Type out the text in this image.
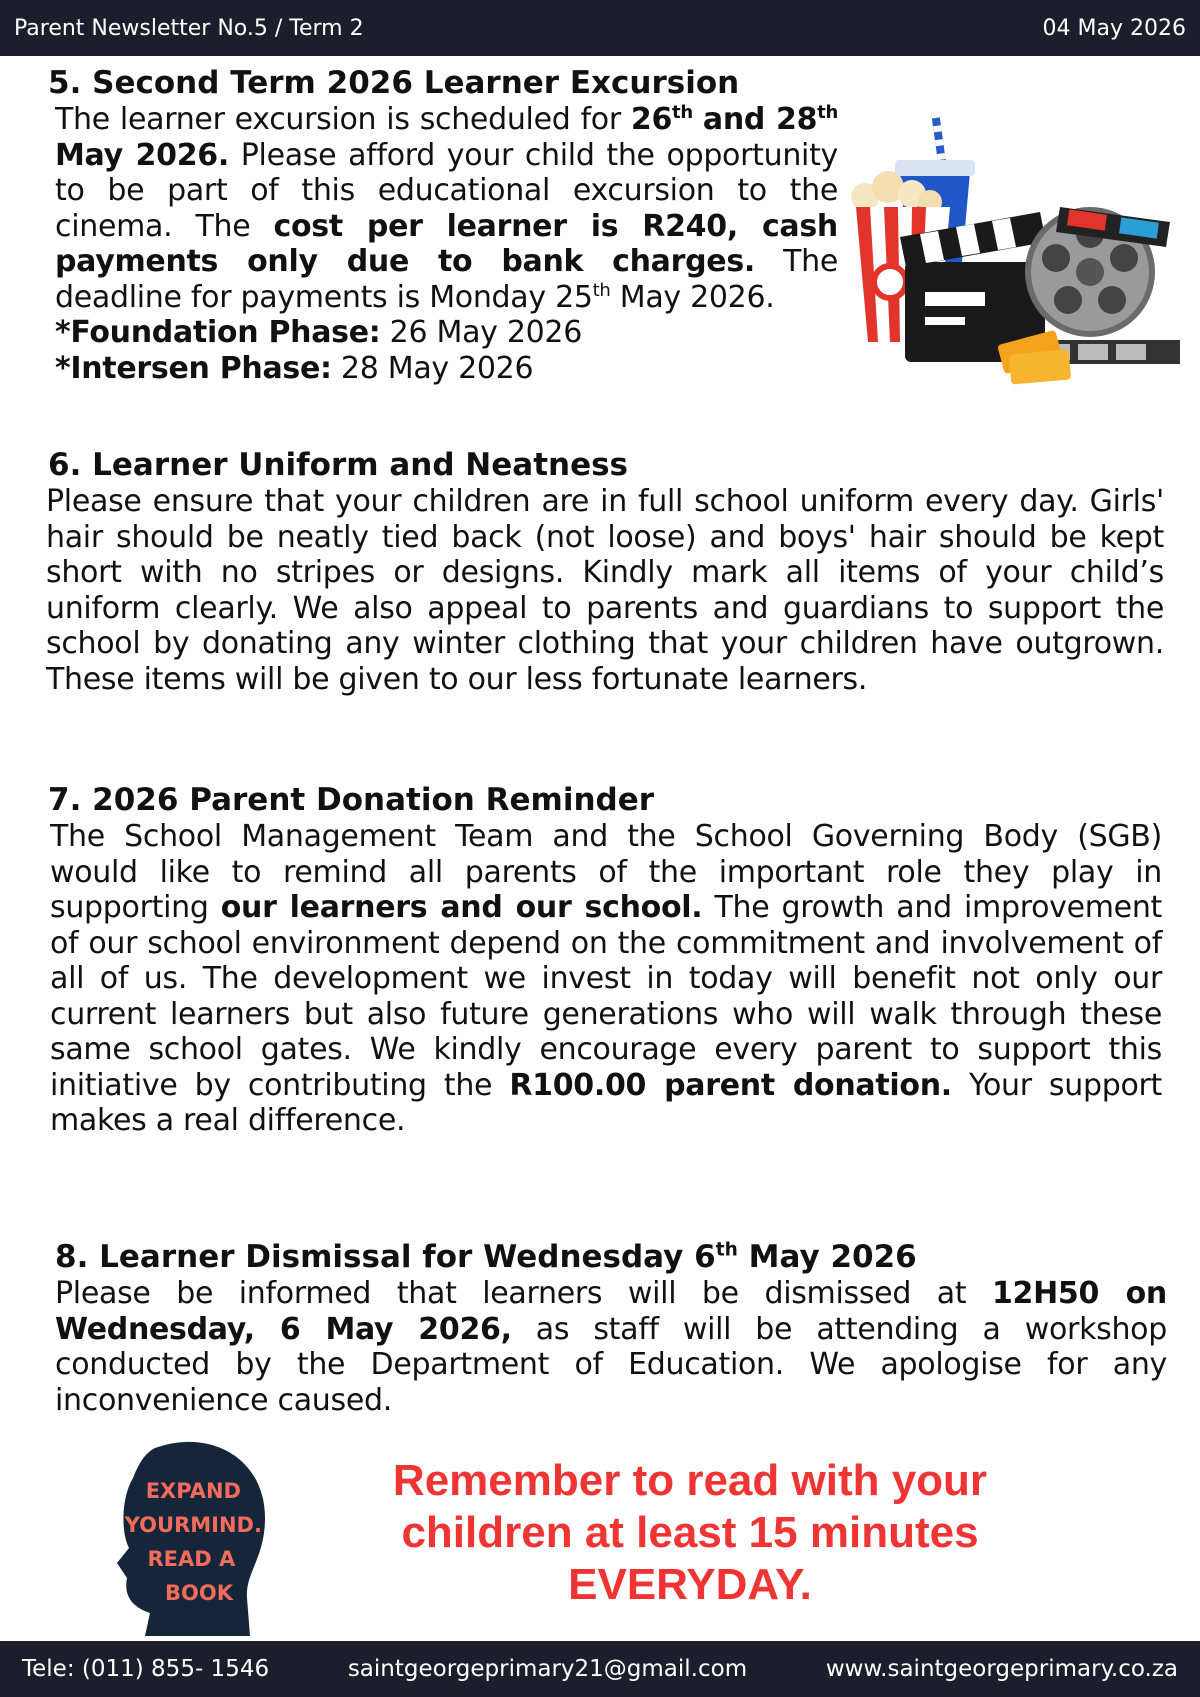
Parent Newsletter No.5 / Term 2	04 May 2026
5. Second Term 2026 Learner Excursion

The learner excursion is scheduled for 26th and 28th May 2026. Please afford your child the opportunity to be part of this educational excursion to the cinema. The cost per learner is R240, cash payments only due to bank charges. The deadline for payments is Monday 25th May 2026.

*Foundation Phase: 26 May 2026
*Intersen Phase: 28 May 2026

6. Learner Uniform and Neatness

Please ensure that your children are in full school uniform every day. Girls' hair should be neatly tied back (not loose) and boys' hair should be kept short with no stripes or designs. Kindly mark all items of your child’s uniform clearly. We also appeal to parents and guardians to support the school by donating any winter clothing that your children have outgrown. These items will be given to our less fortunate learners.

7. 2026 Parent Donation Reminder

The School Management Team and the School Governing Body (SGB) would like to remind all parents of the important role they play in supporting our learners and our school. The growth and improvement of our school environment depend on the commitment and involvement of all of us. The development we invest in today will benefit not only our current learners but also future generations who will walk through these same school gates. We kindly encourage every parent to support this initiative by contributing the R100.00 parent donation. Your support makes a real difference.

8. Learner Dismissal for Wednesday 6th May 2026

Please be informed that learners will be dismissed at 12H50 on Wednesday, 6 May 2026, as staff will be attending a workshop conducted by the Department of Education. We apologise for any inconvenience caused.

EXPAND YOURMIND. READ A BOOK
Remember to read with your
children at least 15 minutes
EVERYDAY.
Tele: (011) 855- 1546	saintgeorgeprimary21@gmail.com	www.saintgeorgeprimary.co.za
